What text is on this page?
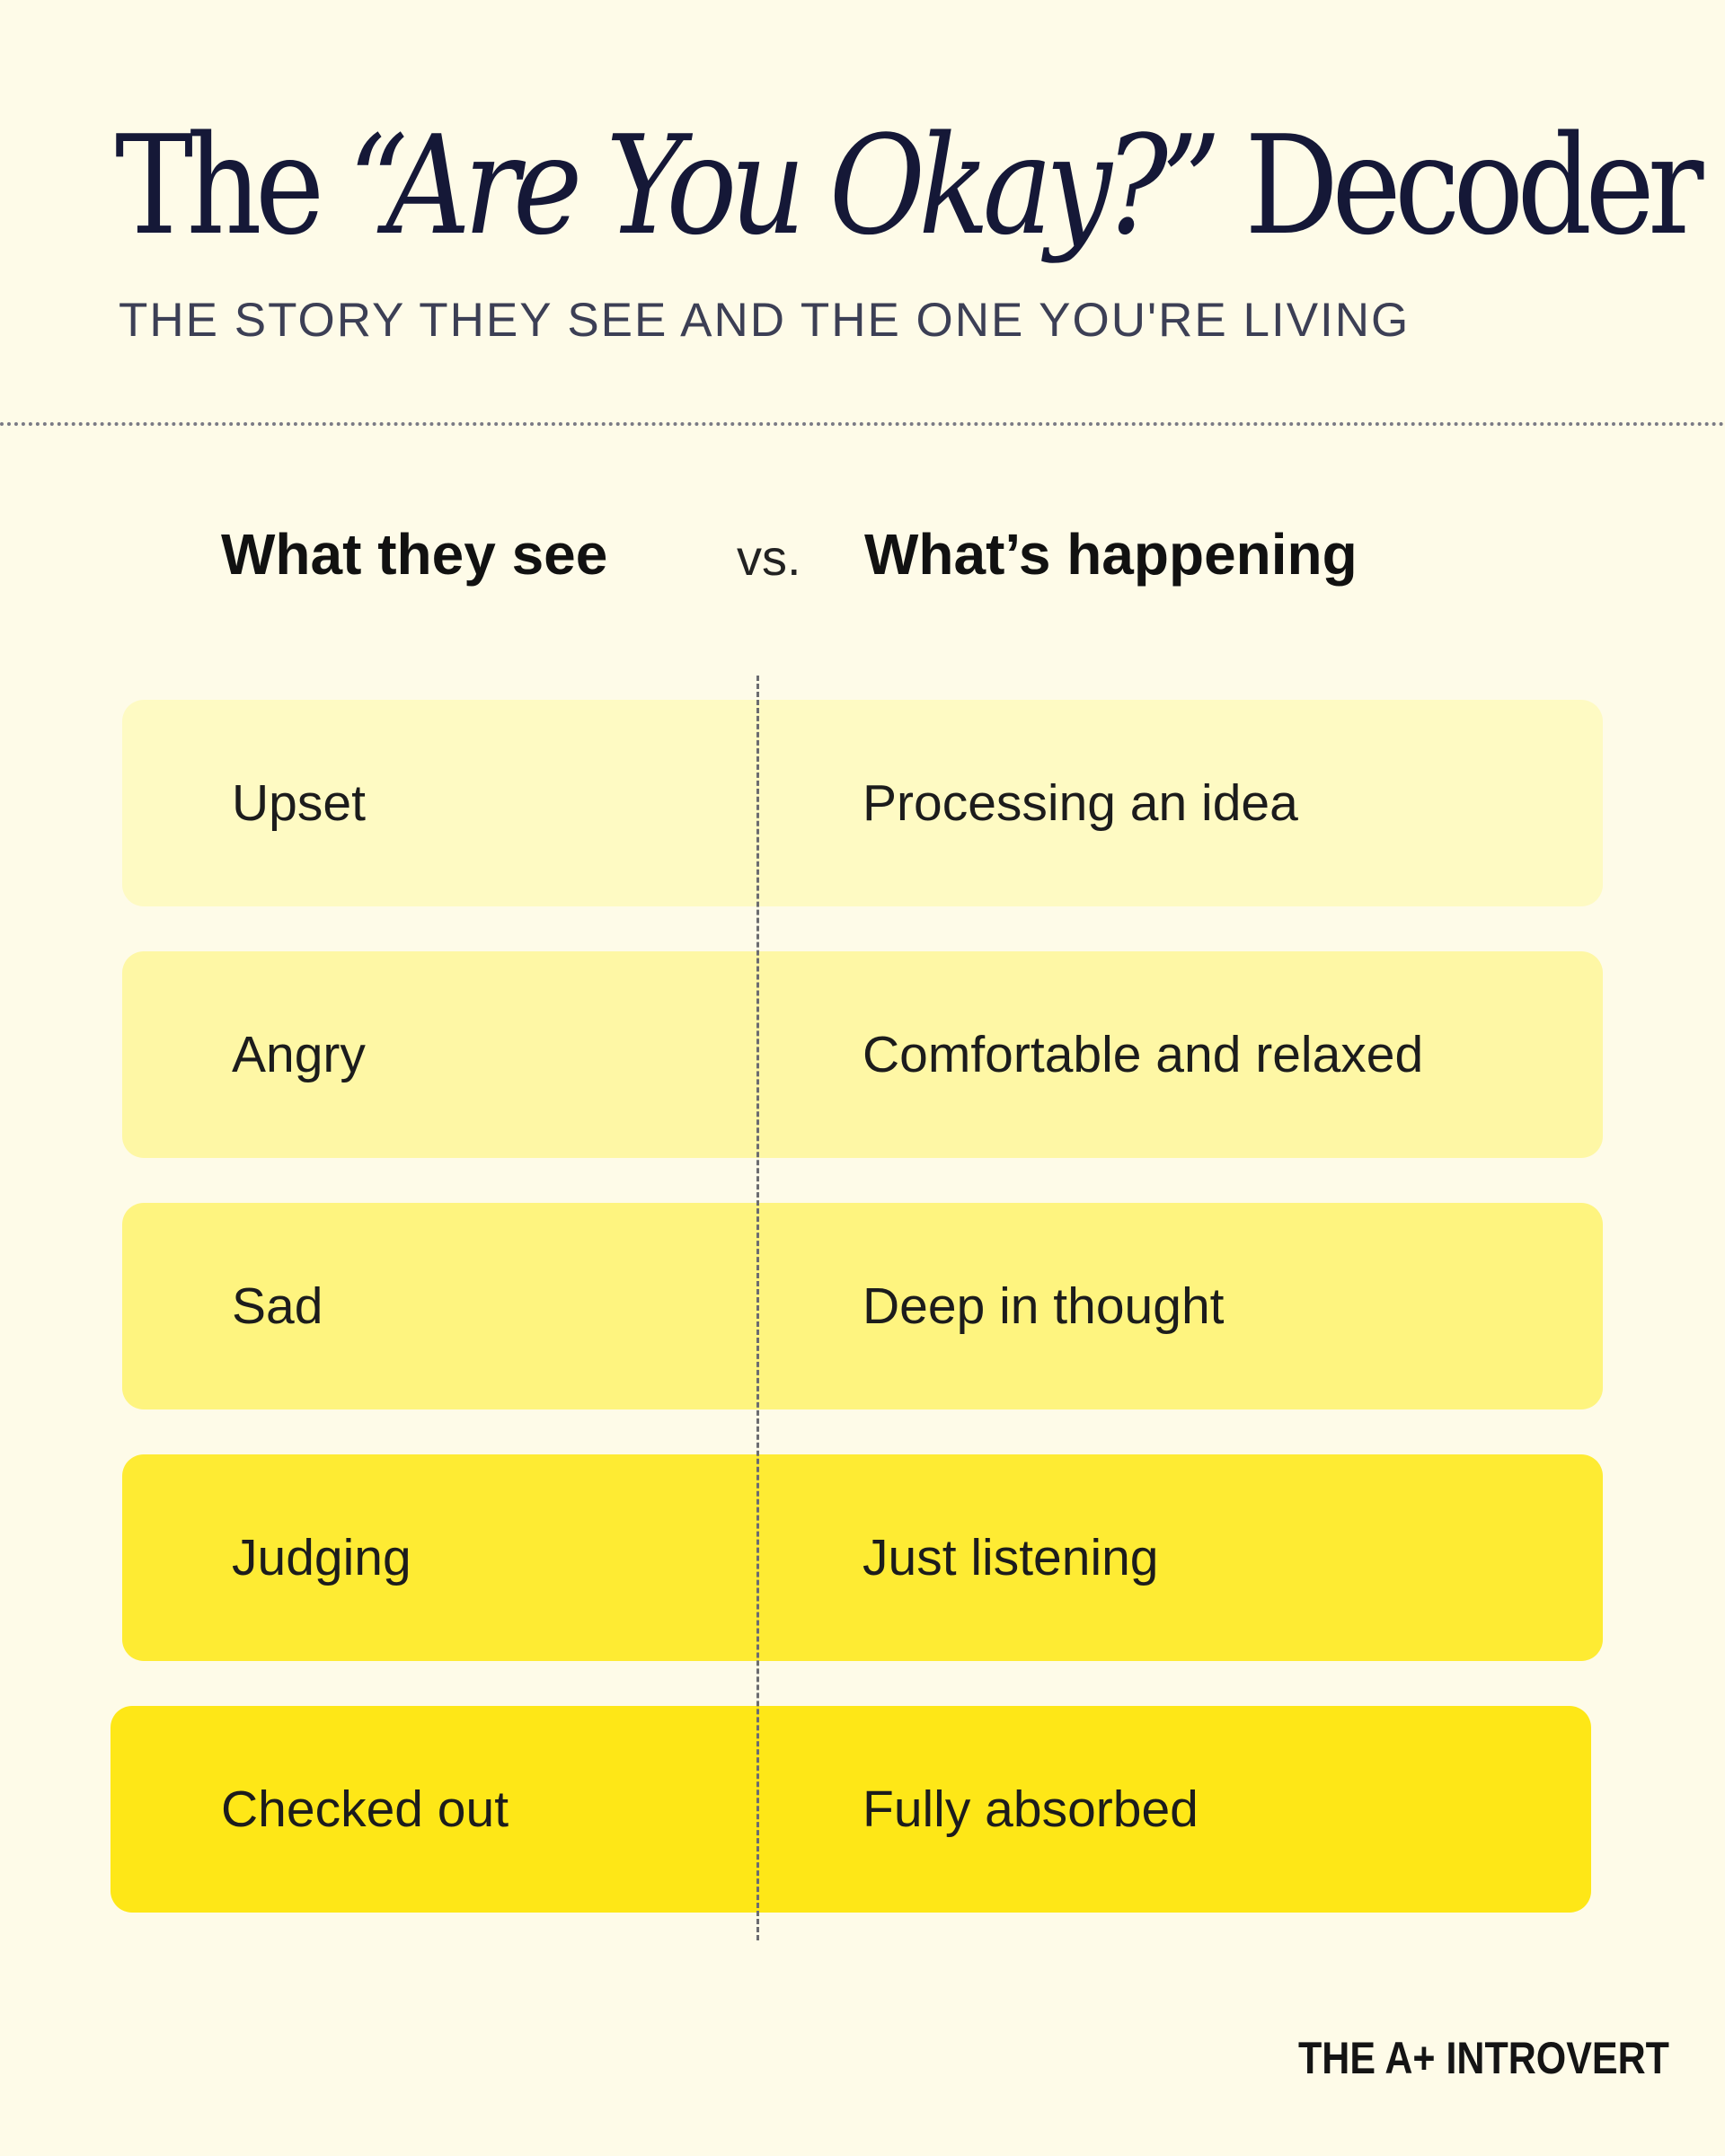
The “Are You Okay?” Decoder
THE STORY THEY SEE AND THE ONE YOU'RE LIVING
What they see	vs. What’s happening
Upset	Processing an idea
Angry	Comfortable and relaxed
Sad	Deep in thought
Judging	Just listening
Checked out	Fully absorbed
THE A+ INTROVERT
